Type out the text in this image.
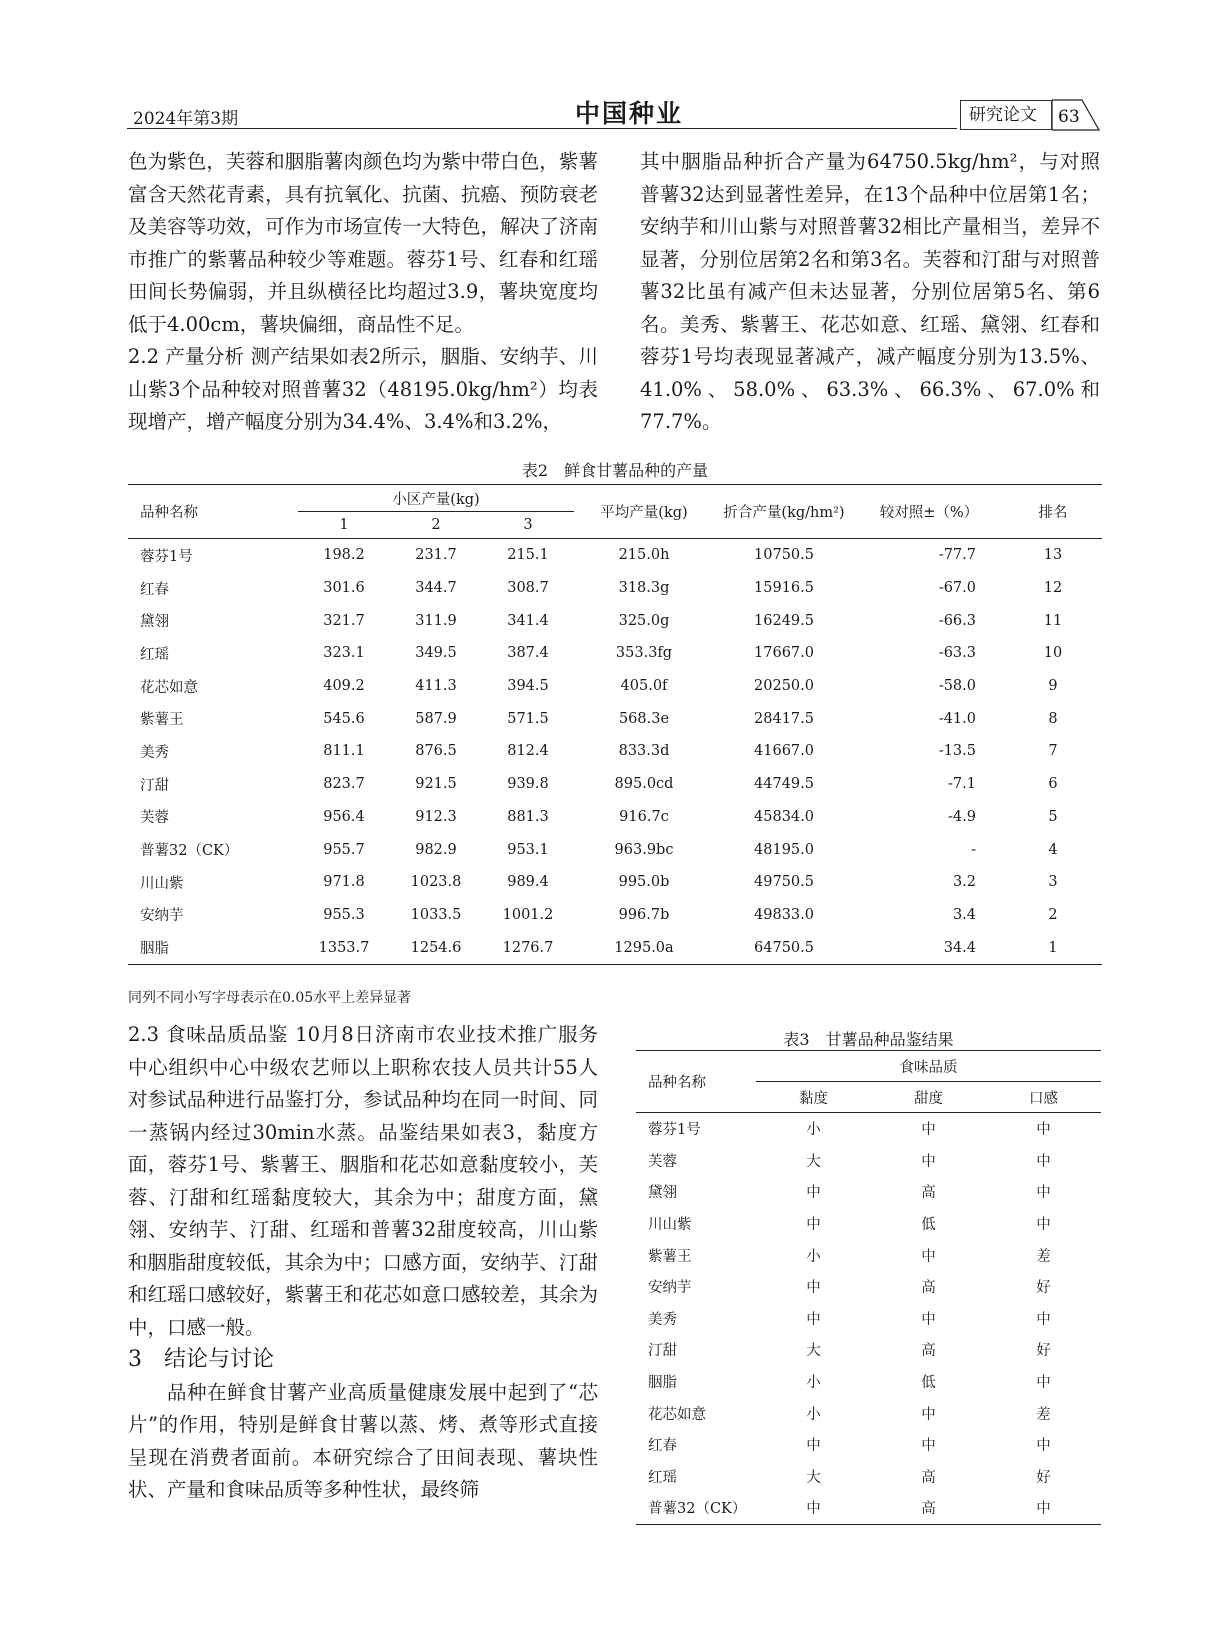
2024年第3期	中国种业	研究论文	63

色为紫色，芙蓉和胭脂薯肉颜色均为紫中带白色，紫薯富含天然花青素，具有抗氧化、抗菌、抗癌、预防衰老及美容等功效，可作为市场宣传一大特色，解决了济南市推广的紫薯品种较少等难题。蓉芬1号、红春和红瑶田间长势偏弱，并且纵横径比均超过3.9，薯块宽度均低于4.00cm，薯块偏细，商品性不足。

2.2 产量分析 测产结果如表2所示，胭脂、安纳芋、川山紫3个品种较对照普薯32（48195.0kg/hm²）均表现增产，增产幅度分别为34.4%、3.4%和3.2%，

其中胭脂品种折合产量为64750.5kg/hm²，与对照普薯32达到显著性差异，在13个品种中位居第1名；安纳芋和川山紫与对照普薯32相比产量相当，差异不显著，分别位居第2名和第3名。芙蓉和汀甜与对照普薯32比虽有减产但未达显著，分别位居第5名、第6名。美秀、紫薯王、花芯如意、红瑶、黛翎、红春和蓉芬1号均表现显著减产，减产幅度分别为13.5%、41.0%、58.0%、63.3%、66.3%、67.0%和77.7%。

表2　鲜食甘薯品种的产量
品种名称	小区产量(kg)			平均产量(kg)	折合产量(kg/hm²)	较对照±（%）	排名
	1	2	3				
蓉芬1号	198.2	231.7	215.1	215.0h	10750.5	-77.7	13
红春	301.6	344.7	308.7	318.3g	15916.5	-67.0	12
黛翎	321.7	311.9	341.4	325.0g	16249.5	-66.3	11
红瑶	323.1	349.5	387.4	353.3fg	17667.0	-63.3	10
花芯如意	409.2	411.3	394.5	405.0f	20250.0	-58.0	9
紫薯王	545.6	587.9	571.5	568.3e	28417.5	-41.0	8
美秀	811.1	876.5	812.4	833.3d	41667.0	-13.5	7
汀甜	823.7	921.5	939.8	895.0cd	44749.5	-7.1	6
芙蓉	956.4	912.3	881.3	916.7c	45834.0	-4.9	5
普薯32（CK）	955.7	982.9	953.1	963.9bc	48195.0	-	4
川山紫	971.8	1023.8	989.4	995.0b	49750.5	3.2	3
安纳芋	955.3	1033.5	1001.2	996.7b	49833.0	3.4	2
胭脂	1353.7	1254.6	1276.7	1295.0a	64750.5	34.4	1
同列不同小写字母表示在0.05水平上差异显著

2.3 食味品质品鉴 10月8日济南市农业技术推广服务中心组织中心中级农艺师以上职称农技人员共计55人对参试品种进行品鉴打分，参试品种均在同一时间、同一蒸锅内经过30min水蒸。品鉴结果如表3，黏度方面，蓉芬1号、紫薯王、胭脂和花芯如意黏度较小，芙蓉、汀甜和红瑶黏度较大，其余为中；甜度方面，黛翎、安纳芋、汀甜、红瑶和普薯32甜度较高，川山紫和胭脂甜度较低，其余为中；口感方面，安纳芋、汀甜和红瑶口感较好，紫薯王和花芯如意口感较差，其余为中，口感一般。

3　结论与讨论

品种在鲜食甘薯产业高质量健康发展中起到了“芯片”的作用，特别是鲜食甘薯以蒸、烤、煮等形式直接呈现在消费者面前。本研究综合了田间表现、薯块性状、产量和食味品质等多种性状，最终筛

表3　甘薯品种品鉴结果
品种名称	食味品质		
	黏度	甜度	口感
蓉芬1号	小	中	中
芙蓉	大	中	中
黛翎	中	高	中
川山紫	中	低	中
紫薯王	小	中	差
安纳芋	中	高	好
美秀	中	中	中
汀甜	大	高	好
胭脂	小	低	中
花芯如意	小	中	差
红春	中	中	中
红瑶	大	高	好
普薯32（CK）	中	高	中
